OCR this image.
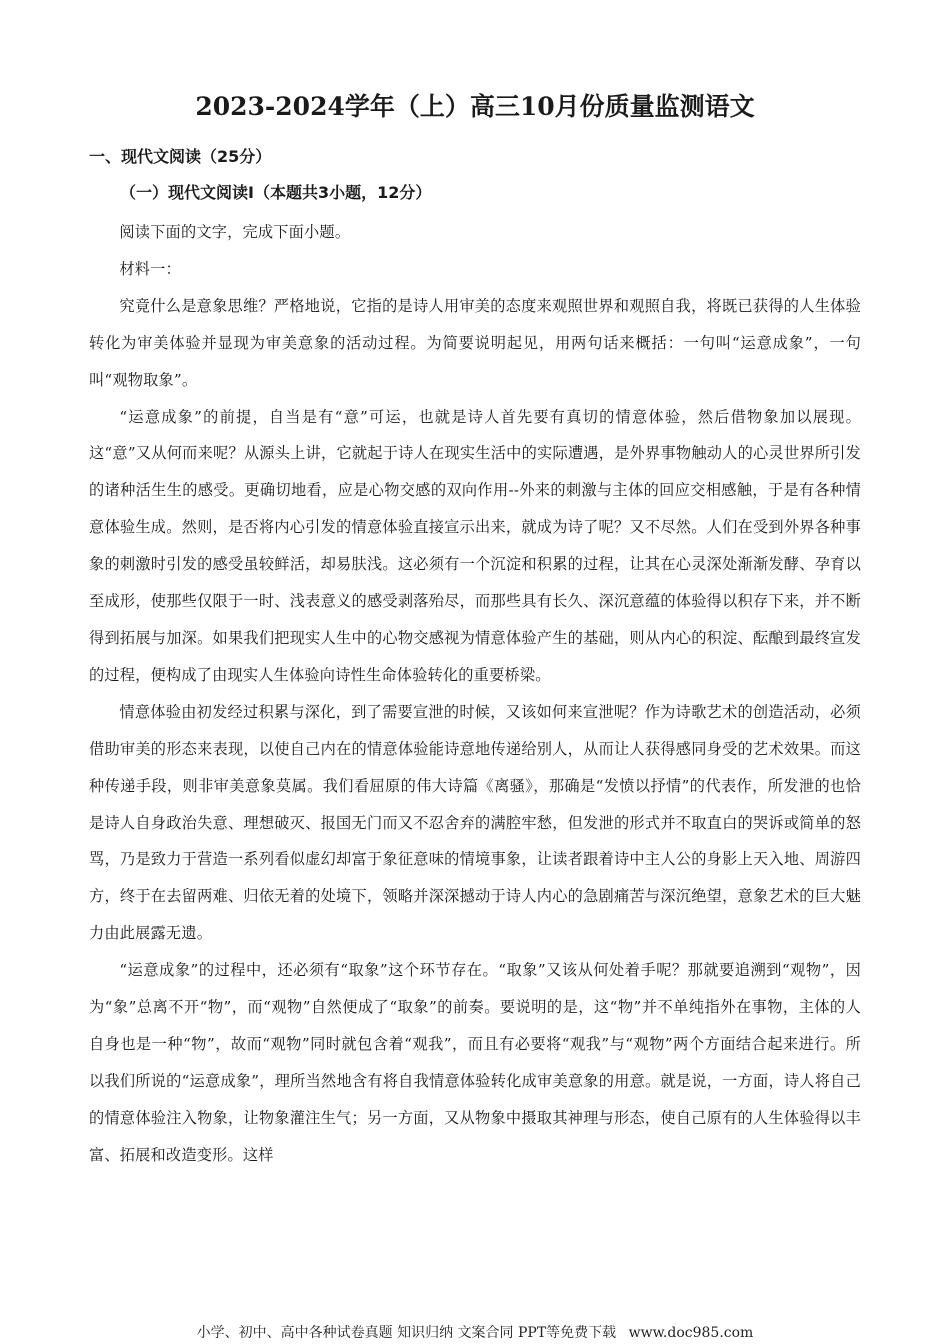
2023-2024学年（上）高三10月份质量监测语文
一、现代文阅读（25分）
（一）现代文阅读Ⅰ（本题共3小题，12分）

阅读下面的文字，完成下面小题。

材料一：

究竟什么是意象思维？严格地说，它指的是诗人用审美的态度来观照世界和观照自我，将既已获得的人生体验转化为审美体验并显现为审美意象的活动过程。为简要说明起见，用两句话来概括：一句叫“运意成象”，一句叫“观物取象”。

“运意成象”的前提，自当是有“意”可运，也就是诗人首先要有真切的情意体验，然后借物象加以展现。这“意”又从何而来呢？从源头上讲，它就起于诗人在现实生活中的实际遭遇，是外界事物触动人的心灵世界所引发的诸种活生生的感受。更确切地看，应是心物交感的双向作用--外来的刺激与主体的回应交相感触，于是有各种情意体验生成。然则，是否将内心引发的情意体验直接宣示出来，就成为诗了呢？又不尽然。人们在受到外界各种事象的刺激时引发的感受虽较鲜活，却易肤浅。这必须有一个沉淀和积累的过程，让其在心灵深处渐渐发酵、孕育以至成形，使那些仅限于一时、浅表意义的感受剥落殆尽，而那些具有长久、深沉意蕴的体验得以积存下来，并不断得到拓展与加深。如果我们把现实人生中的心物交感视为情意体验产生的基础，则从内心的积淀、酝酿到最终宣发的过程，便构成了由现实人生体验向诗性生命体验转化的重要桥梁。

情意体验由初发经过积累与深化，到了需要宣泄的时候，又该如何来宣泄呢？作为诗歌艺术的创造活动，必须借助审美的形态来表现，以使自己内在的情意体验能诗意地传递给别人，从而让人获得感同身受的艺术效果。而这种传递手段，则非审美意象莫属。我们看屈原的伟大诗篇《离骚》，那确是“发愤以抒情”的代表作，所发泄的也恰是诗人自身政治失意、理想破灭、报国无门而又不忍舍弃的满腔牢愁，但发泄的形式并不取直白的哭诉或简单的怒骂，乃是致力于营造一系列看似虚幻却富于象征意味的情境事象，让读者跟着诗中主人公的身影上天入地、周游四方，终于在去留两难、归依无着的处境下，领略并深深撼动于诗人内心的急剧痛苦与深沉绝望，意象艺术的巨大魅力由此展露无遗。

“运意成象”的过程中，还必须有“取象”这个环节存在。“取象”又该从何处着手呢？那就要追溯到“观物”，因为“象”总离不开“物”，而“观物”自然便成了“取象”的前奏。要说明的是，这“物”并不单纯指外在事物，主体的人自身也是一种“物”，故而“观物”同时就包含着“观我”，而且有必要将“观我”与“观物”两个方面结合起来进行。所以我们所说的“运意成象”，理所当然地含有将自我情意体验转化成审美意象的用意。就是说，一方面，诗人将自己的情意体验注入物象，让物象灌注生气；另一方面，又从物象中摄取其神理与形态，使自己原有的人生体验得以丰富、拓展和改造变形。这样

小学、初中、高中各种试卷真题 知识归纳 文案合同 PPT等免费下载 www.doc985.com
